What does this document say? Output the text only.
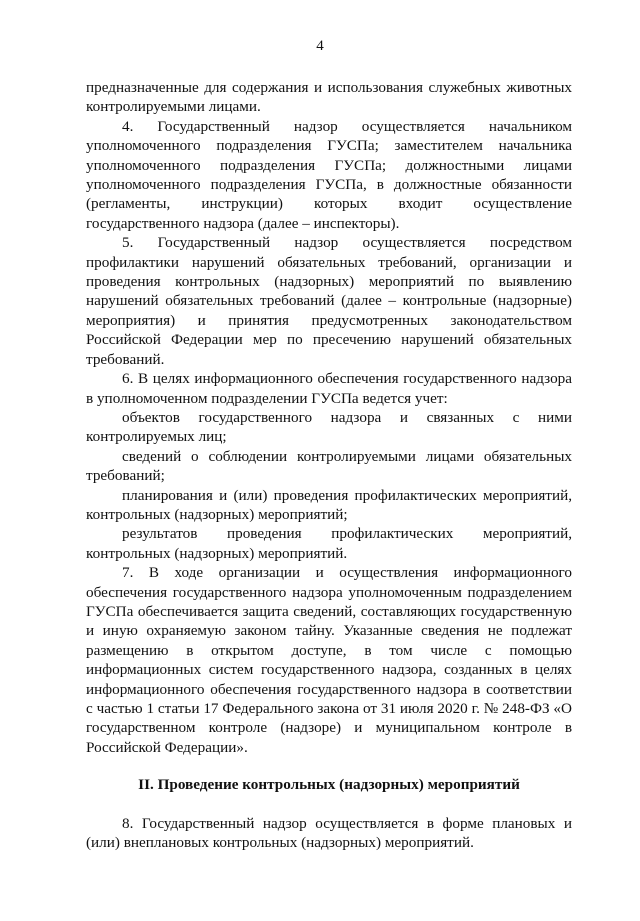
4

предназначенные для содержания и использования служебных животных контролируемыми лицами.

4. Государственный надзор осуществляется начальником уполномоченного подразделения ГУСПа; заместителем начальника уполномоченного подразделения ГУСПа; должностными лицами уполномоченного подразделения ГУСПа, в должностные обязанности (регламенты, инструкции) которых входит осуществление государственного надзора (далее – инспекторы).

5. Государственный надзор осуществляется посредством профилактики нарушений обязательных требований, организации и проведения контрольных (надзорных) мероприятий по выявлению нарушений обязательных требований (далее – контрольные (надзорные) мероприятия) и принятия предусмотренных законодательством Российской Федерации мер по пресечению нарушений обязательных требований.

6. В целях информационного обеспечения государственного надзора в уполномоченном подразделении ГУСПа ведется учет:

объектов государственного надзора и связанных с ними контролируемых лиц;

сведений о соблюдении контролируемыми лицами обязательных требований;

планирования и (или) проведения профилактических мероприятий, контрольных (надзорных) мероприятий;

результатов проведения профилактических мероприятий, контрольных (надзорных) мероприятий.

7. В ходе организации и осуществления информационного обеспечения государственного надзора уполномоченным подразделением ГУСПа обеспечивается защита сведений, составляющих государственную и иную охраняемую законом тайну. Указанные сведения не подлежат размещению в открытом доступе, в том числе с помощью информационных систем государственного надзора, созданных в целях информационного обеспечения государственного надзора в соответствии с частью 1 статьи 17 Федерального закона от 31 июля 2020 г. № 248-ФЗ «О государственном контроле (надзоре) и муниципальном контроле в Российской Федерации».

II. Проведение контрольных (надзорных) мероприятий

8. Государственный надзор осуществляется в форме плановых и (или) внеплановых контрольных (надзорных) мероприятий.
